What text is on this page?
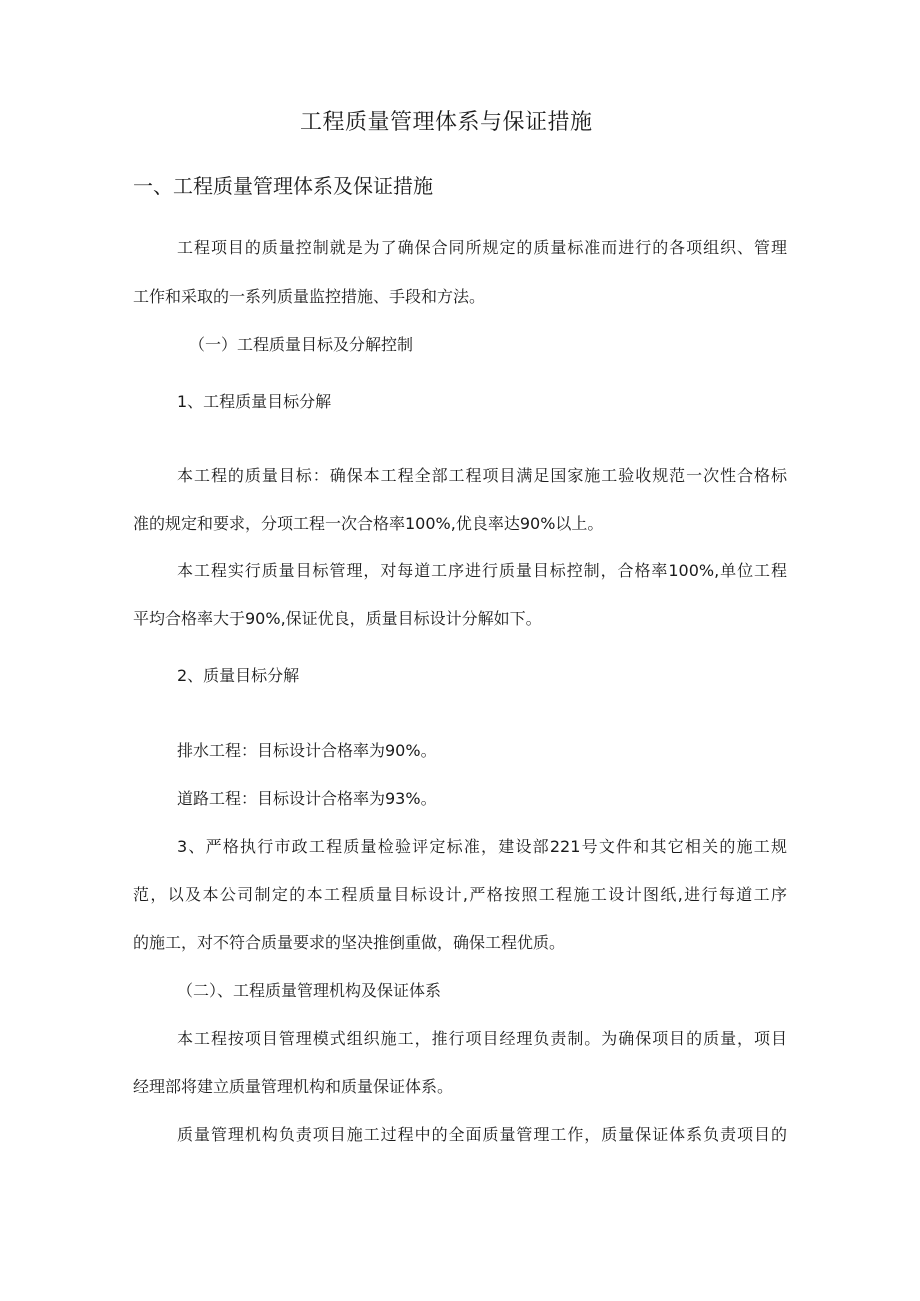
工程质量管理体系与保证措施
一、工程质量管理体系及保证措施
工程项目的质量控制就是为了确保合同所规定的质量标准而进行的各项组织、管理
工作和采取的一系列质量监控措施、手段和方法。
（一）工程质量目标及分解控制
1、工程质量目标分解
本工程的质量目标：确保本工程全部工程项目满足国家施工验收规范一次性合格标
准的规定和要求，分项工程一次合格率100%,优良率达90%以上。
本工程实行质量目标管理，对每道工序进行质量目标控制，合格率100%,单位工程
平均合格率大于90%,保证优良，质量目标设计分解如下。
2、质量目标分解
排水工程：目标设计合格率为90%。
道路工程：目标设计合格率为93%。
3、严格执行市政工程质量检验评定标准，建设部221号文件和其它相关的施工规
范，以及本公司制定的本工程质量目标设计,严格按照工程施工设计图纸,进行每道工序
的施工，对不符合质量要求的坚决推倒重做，确保工程优质。
（二）、工程质量管理机构及保证体系
本工程按项目管理模式组织施工，推行项目经理负责制。为确保项目的质量，项目
经理部将建立质量管理机构和质量保证体系。
质量管理机构负责项目施工过程中的全面质量管理工作，质量保证体系负责项目的
